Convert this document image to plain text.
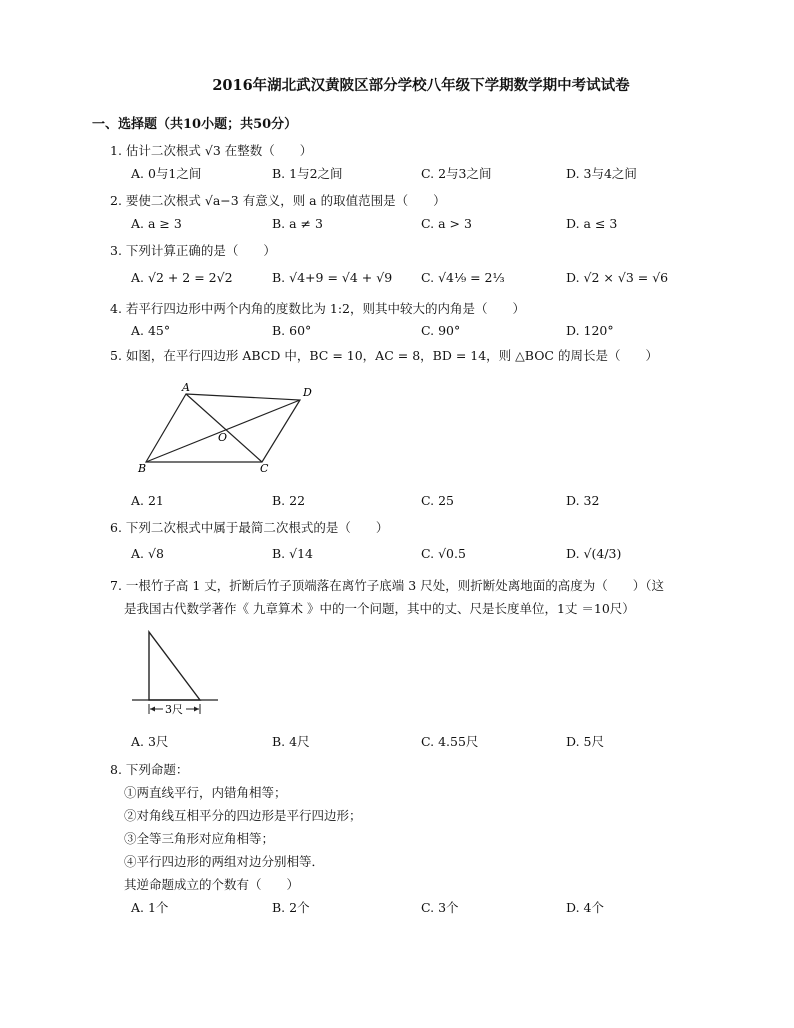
2016年湖北武汉黄陂区部分学校八年级下学期数学期中考试试卷
一、选择题（共10小题；共50分）
1. 估计二次根式 √3 在整数（　　）
A. 0与1之间	B. 1与2之间	C. 2与3之间	D. 3与4之间
2. 要使二次根式 √a−3 有意义，则 a 的取值范围是（　　）
A. a ≥ 3	B. a ≠ 3	C. a > 3	D. a ≤ 3
3. 下列计算正确的是（　　）
A. √2 + 2 = 2√2	B. √4+9 = √4 + √9 C. √4⅑ = 2⅓	D. √2 × √3 = √6
4. 若平行四边形中两个内角的度数比为 1:2，则其中较大的内角是（　　）
A. 45°	B. 60°	C. 90°	D. 120°
5. 如图，在平行四边形 ABCD 中，BC = 10，AC = 8，BD = 14，则 △BOC 的周长是（　　）
A	D
O
B	C
A. 21	B. 22	C. 25	D. 32
6. 下列二次根式中属于最简二次根式的是（　　）
A. √8	B. √14	C. √0.5	D. √(4/3)
7. 一根竹子高 1 丈，折断后竹子顶端落在离竹子底端 3 尺处，则折断处离地面的高度为（　　）（这
是我国古代数学著作《 九章算术 》中的一个问题，其中的丈、尺是长度单位，1丈 ＝10尺）
3尺
A. 3尺	B. 4尺	C. 4.55尺	D. 5尺
8. 下列命题：
①两直线平行，内错角相等；
②对角线互相平分的四边形是平行四边形；
③全等三角形对应角相等；
④平行四边形的两组对边分别相等．
其逆命题成立的个数有（　　）
A. 1个	B. 2个	C. 3个	D. 4个
